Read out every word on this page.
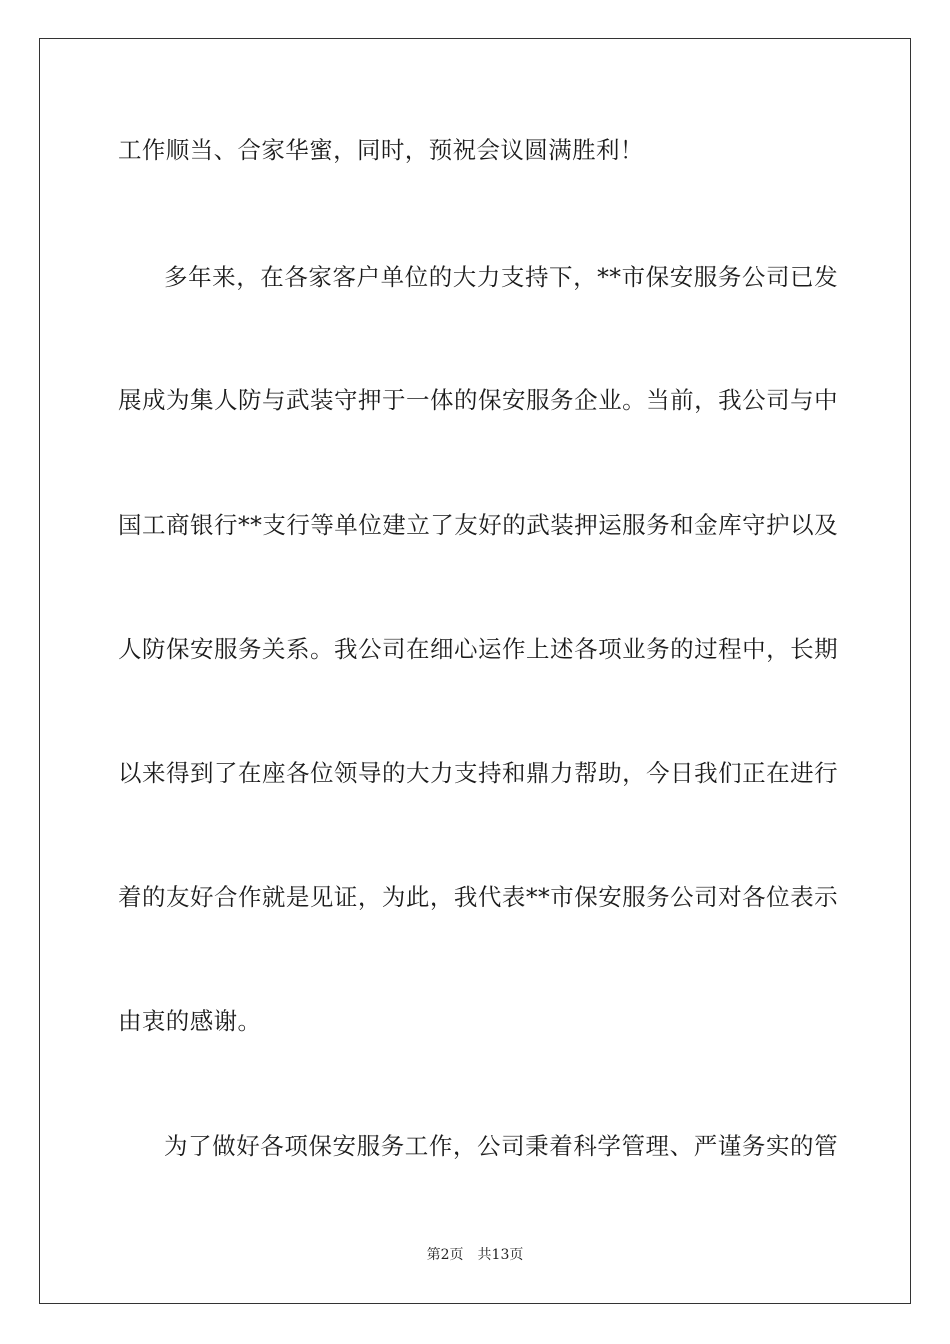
工作顺当、合家华蜜，同时，预祝会议圆满胜利！
多年来，在各家客户单位的大力支持下，**市保安服务公司已发
展成为集人防与武装守押于一体的保安服务企业。当前，我公司与中
国工商银行**支行等单位建立了友好的武装押运服务和金库守护以及
人防保安服务关系。我公司在细心运作上述各项业务的过程中，长期
以来得到了在座各位领导的大力支持和鼎力帮助，今日我们正在进行
着的友好合作就是见证，为此，我代表**市保安服务公司对各位表示
由衷的感谢。
为了做好各项保安服务工作，公司秉着科学管理、严谨务实的管
第2页 共13页
